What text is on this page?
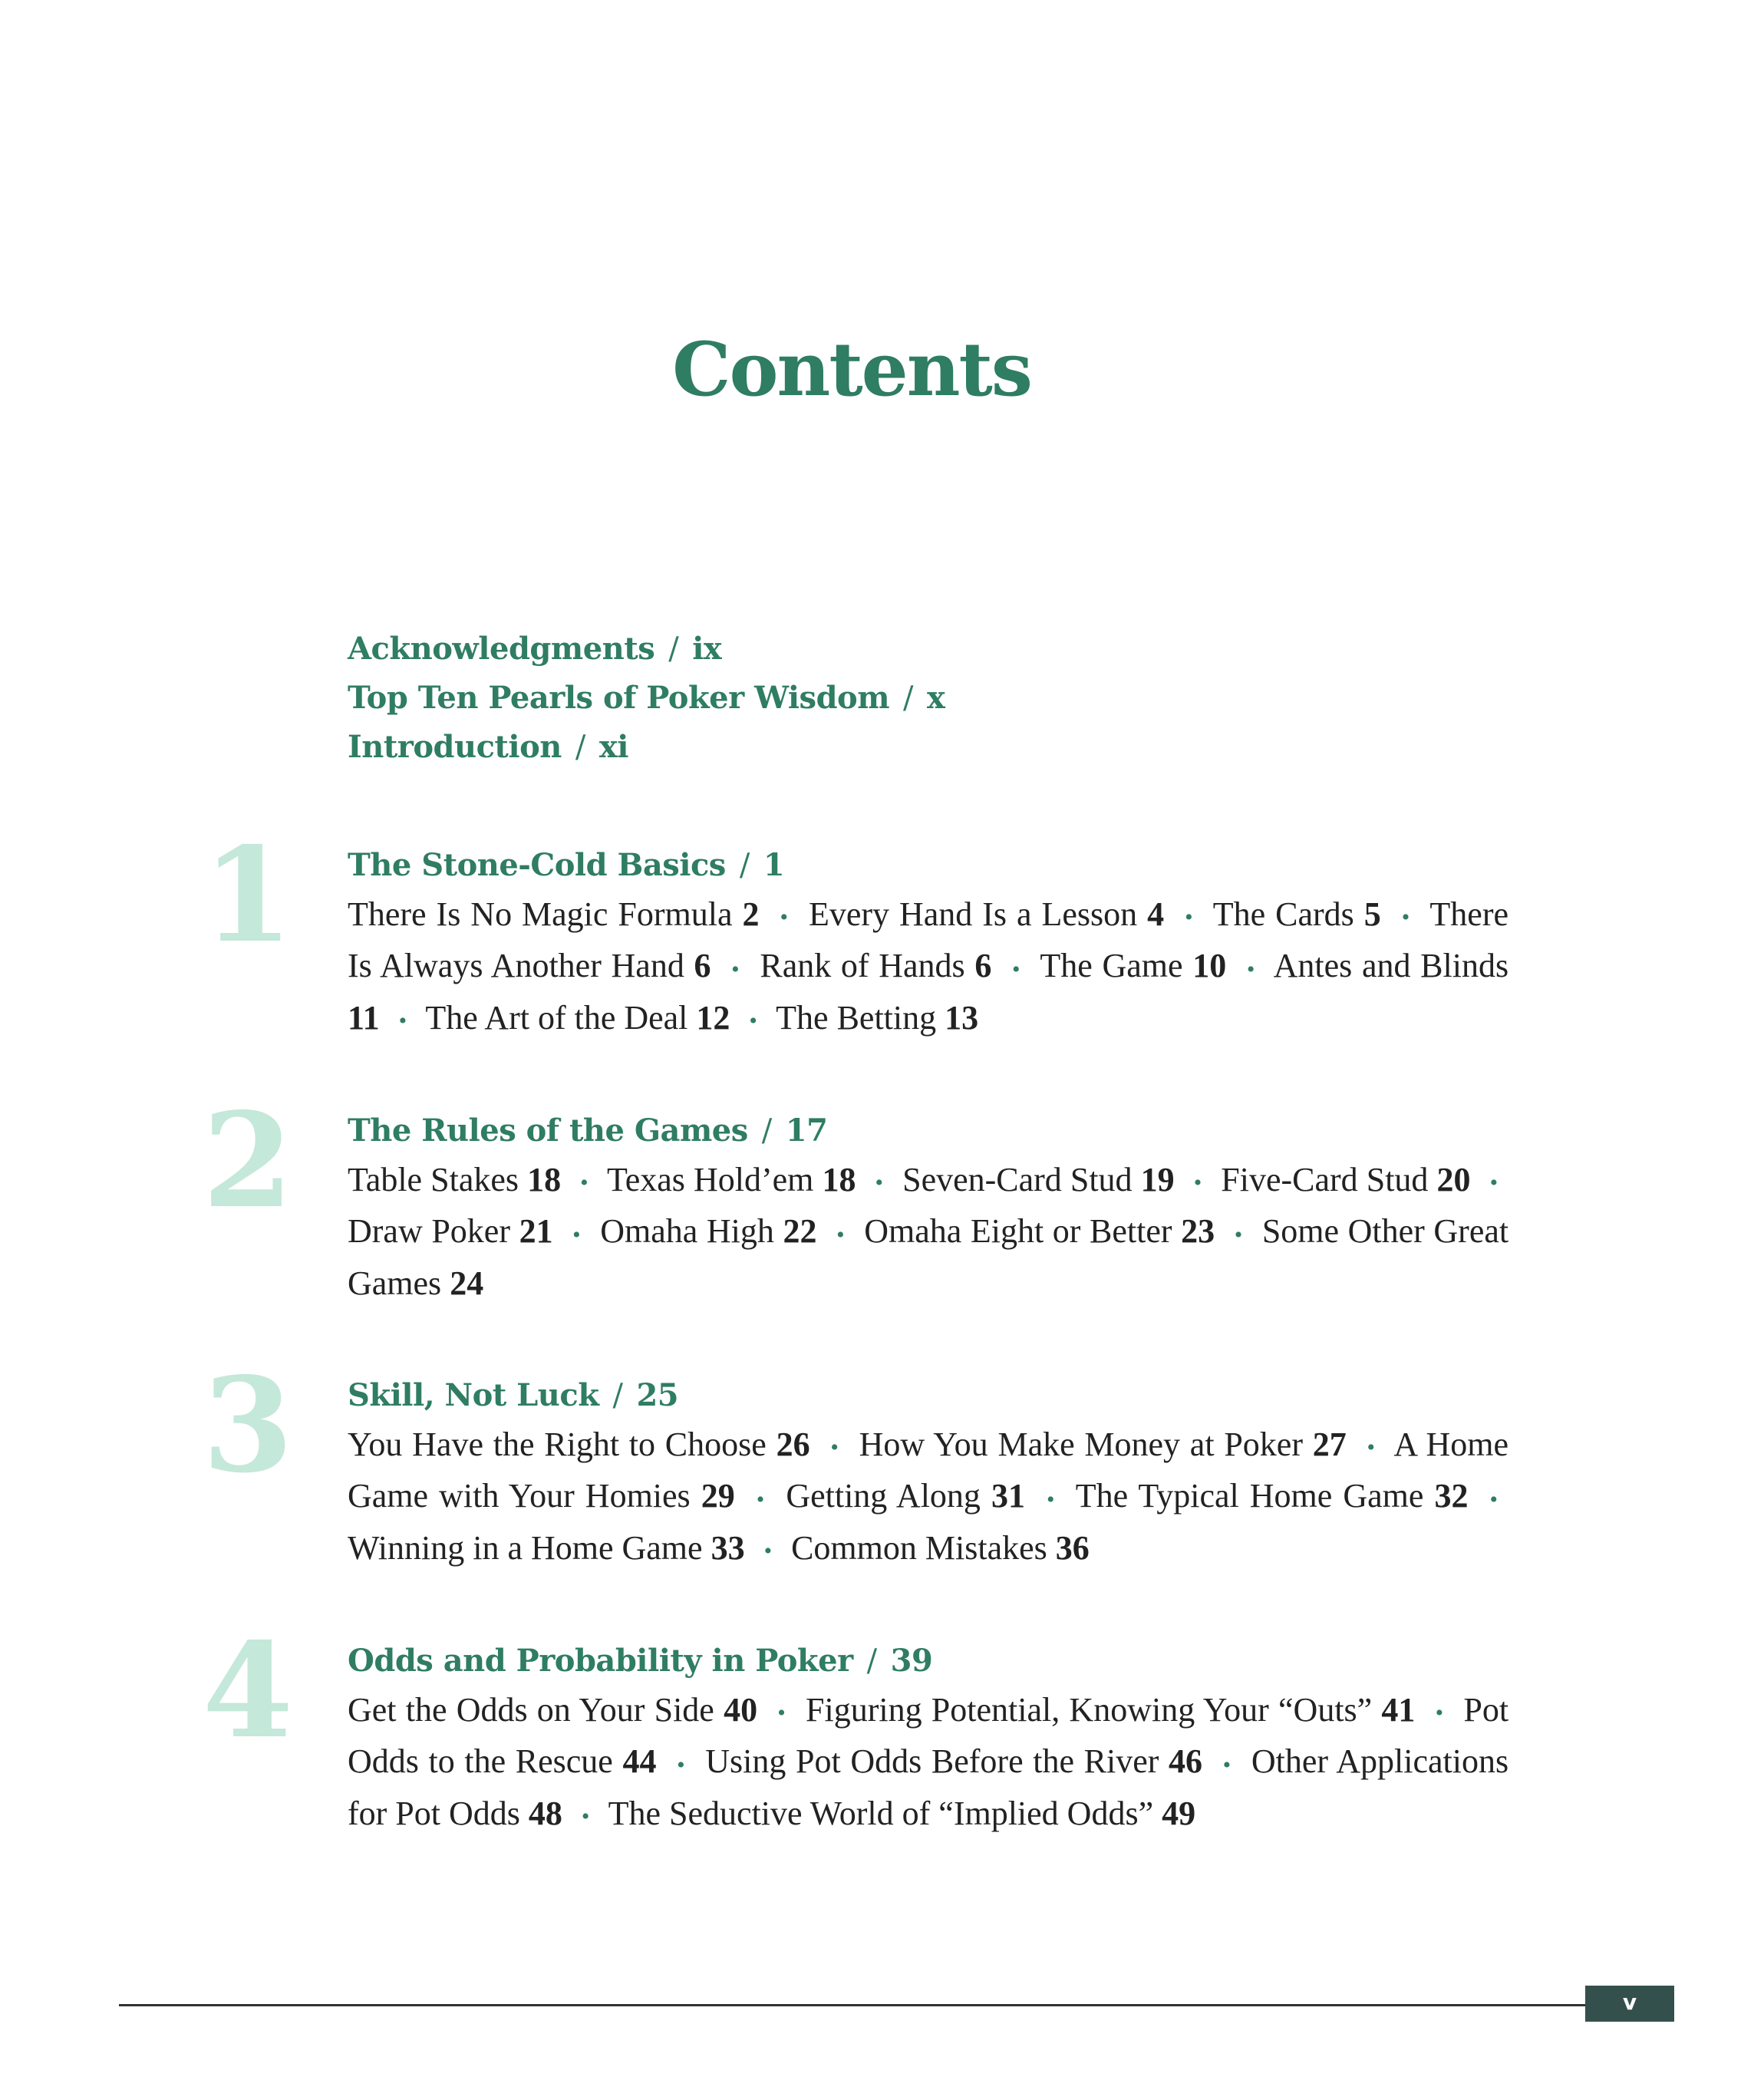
Contents
Acknowledgments / ix
Top Ten Pearls of Poker Wisdom / x
Introduction / xi
1 The Stone-Cold Basics / 1
There Is No Magic Formula 2 • Every Hand Is a Lesson 4 • The Cards 5 • There Is Always Another Hand 6 • Rank of Hands 6 • The Game 10 • Antes and Blinds 11 • The Art of the Deal 12 • The Betting 13
2 The Rules of the Games / 17
Table Stakes 18 • Texas Hold’em 18 • Seven-Card Stud 19 • Five-Card Stud 20 • Draw Poker 21 • Omaha High 22 • Omaha Eight or Better 23 • Some Other Great Games 24
3 Skill, Not Luck / 25
You Have the Right to Choose 26 • How You Make Money at Poker 27 • A Home Game with Your Homies 29 • Getting Along 31 • The Typical Home Game 32 • Winning in a Home Game 33 • Common Mistakes 36
4 Odds and Probability in Poker / 39
Get the Odds on Your Side 40 • Figuring Potential, Knowing Your “Outs” 41 • Pot Odds to the Rescue 44 • Using Pot Odds Before the River 46 • Other Applications for Pot Odds 48 • The Seductive World of “Implied Odds” 49
v
